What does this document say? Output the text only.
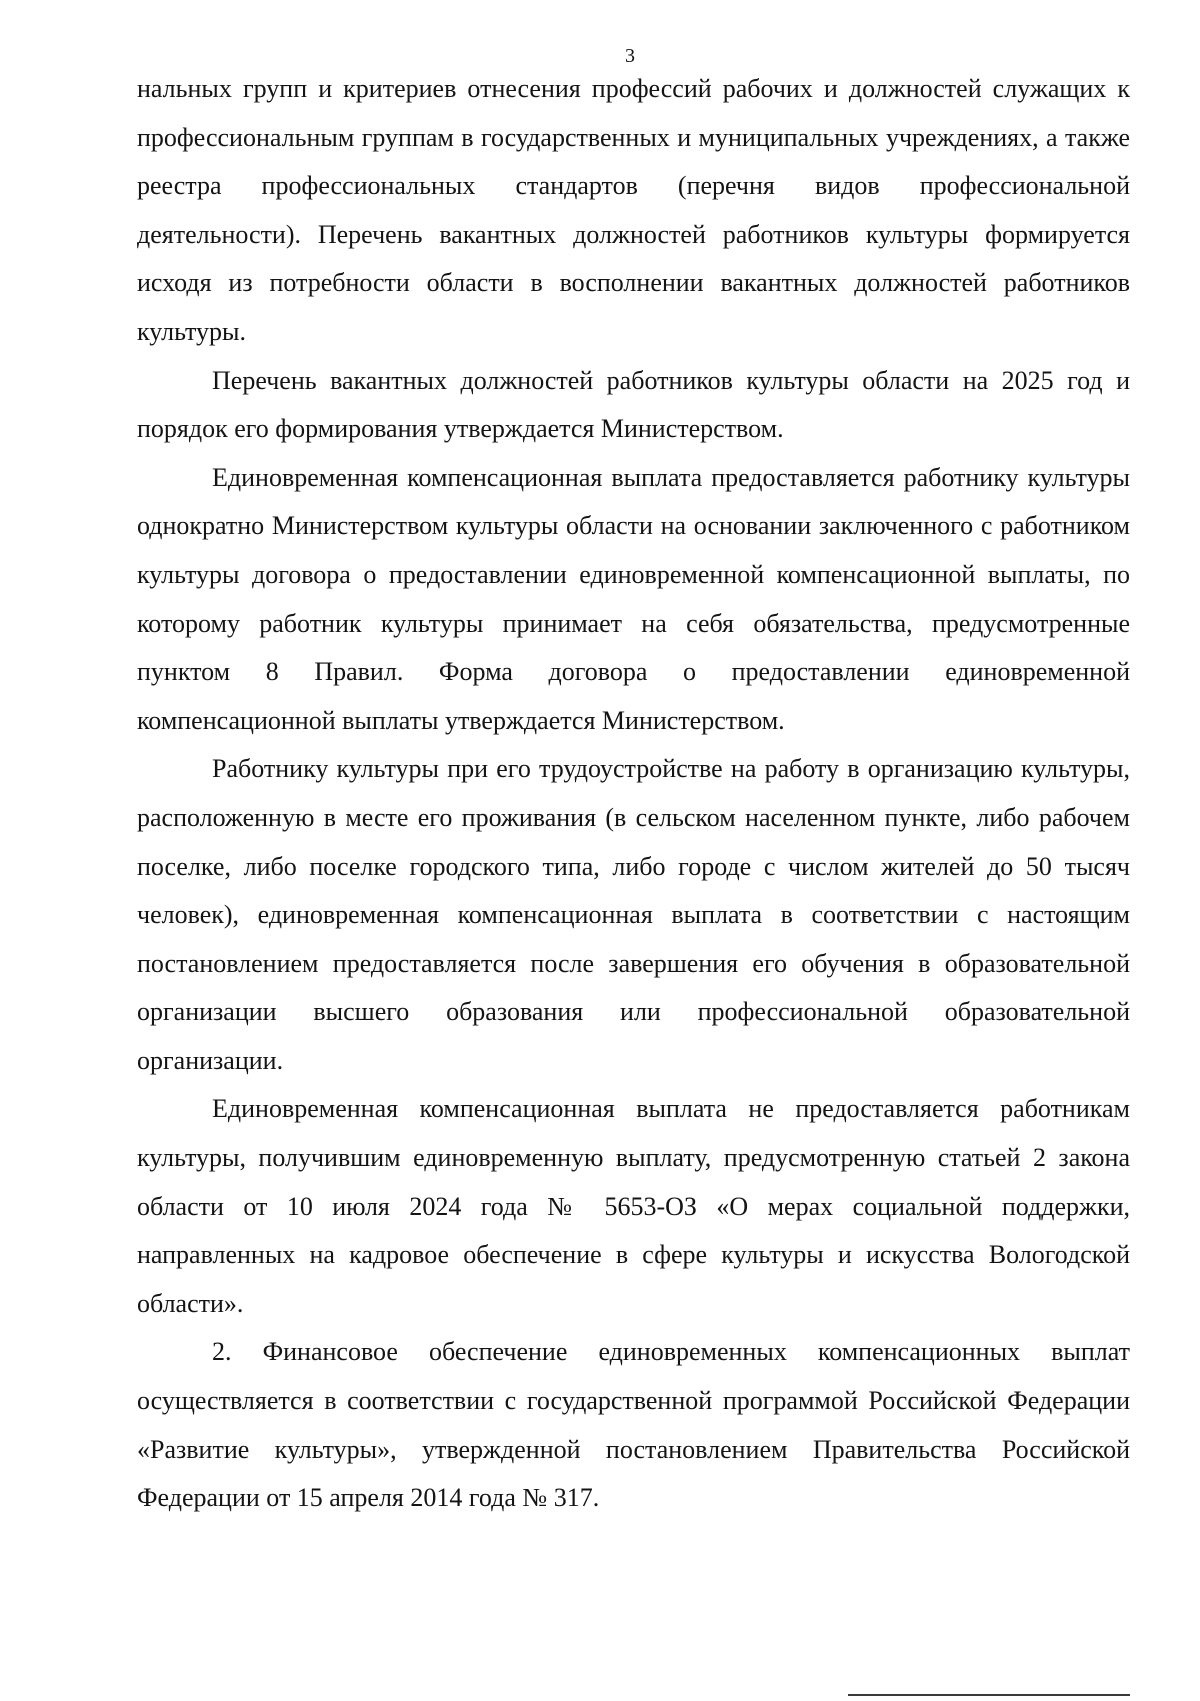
3

нальных групп и критериев отнесения профессий рабочих и должностей служащих к профессиональным группам в государственных и муниципальных учреждениях, а также реестра профессиональных стандартов (перечня видов профессиональной деятельности). Перечень вакантных должностей работников культуры формируется исходя из потребности области в восполнении вакантных должностей работников культуры.

Перечень вакантных должностей работников культуры области на 2025 год и порядок его формирования утверждается Министерством.

Единовременная компенсационная выплата предоставляется работнику культуры однократно Министерством культуры области на основании заключенного с работником культуры договора о предоставлении единовременной компенсационной выплаты, по которому работник культуры принимает на себя обязательства, предусмотренные пунктом 8 Правил. Форма договора о предоставлении единовременной компенсационной выплаты утверждается Министерством.

Работнику культуры при его трудоустройстве на работу в организацию культуры, расположенную в месте его проживания (в сельском населенном пункте, либо рабочем поселке, либо поселке городского типа, либо городе с числом жителей до 50 тысяч человек), единовременная компенсационная выплата в соответствии с настоящим постановлением предоставляется после завершения его обучения в образовательной организации высшего образования или профессиональной образовательной организации.

Единовременная компенсационная выплата не предоставляется работникам культуры, получившим единовременную выплату, предусмотренную статьей 2 закона области от 10 июля 2024 года № 5653-ОЗ «О мерах социальной поддержки, направленных на кадровое обеспечение в сфере культуры и искусства Вологодской области».

2. Финансовое обеспечение единовременных компенсационных выплат осуществляется в соответствии с государственной программой Российской Федерации «Развитие культуры», утвержденной постановлением Правительства Российской Федерации от 15 апреля 2014 года № 317.
